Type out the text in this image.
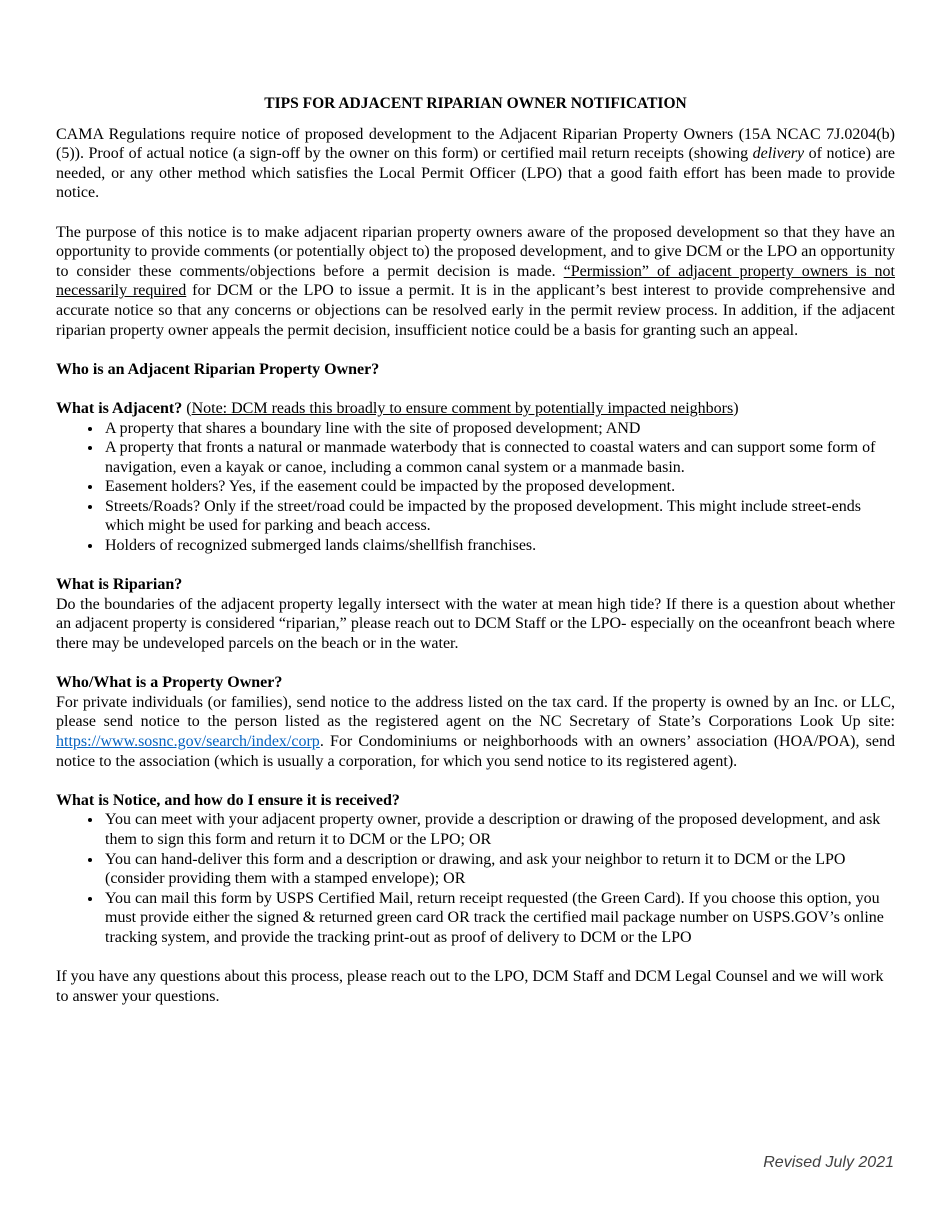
TIPS FOR ADJACENT RIPARIAN OWNER NOTIFICATION

CAMA Regulations require notice of proposed development to the Adjacent Riparian Property Owners (15A NCAC 7J.0204(b)(5)). Proof of actual notice (a sign-off by the owner on this form) or certified mail return receipts (showing delivery of notice) are needed, or any other method which satisfies the Local Permit Officer (LPO) that a good faith effort has been made to provide notice.

The purpose of this notice is to make adjacent riparian property owners aware of the proposed development so that they have an opportunity to provide comments (or potentially object to) the proposed development, and to give DCM or the LPO an opportunity to consider these comments/objections before a permit decision is made. “Permission” of adjacent property owners is not necessarily required for DCM or the LPO to issue a permit. It is in the applicant’s best interest to provide comprehensive and accurate notice so that any concerns or objections can be resolved early in the permit review process. In addition, if the adjacent riparian property owner appeals the permit decision, insufficient notice could be a basis for granting such an appeal.

Who is an Adjacent Riparian Property Owner?

What is Adjacent? (Note: DCM reads this broadly to ensure comment by potentially impacted neighbors)

• A property that shares a boundary line with the site of proposed development; AND
• A property that fronts a natural or manmade waterbody that is connected to coastal waters and can support some form of navigation, even a kayak or canoe, including a common canal system or a manmade basin.
• Easement holders? Yes, if the easement could be impacted by the proposed development.
• Streets/Roads? Only if the street/road could be impacted by the proposed development. This might include street-ends which might be used for parking and beach access.
• Holders of recognized submerged lands claims/shellfish franchises.

What is Riparian?

Do the boundaries of the adjacent property legally intersect with the water at mean high tide? If there is a question about whether an adjacent property is considered “riparian,” please reach out to DCM Staff or the LPO- especially on the oceanfront beach where there may be undeveloped parcels on the beach or in the water.

Who/What is a Property Owner?

For private individuals (or families), send notice to the address listed on the tax card. If the property is owned by an Inc. or LLC, please send notice to the person listed as the registered agent on the NC Secretary of State’s Corporations Look Up site: https://www.sosnc.gov/search/index/corp. For Condominiums or neighborhoods with an owners’ association (HOA/POA), send notice to the association (which is usually a corporation, for which you send notice to its registered agent).

What is Notice, and how do I ensure it is received?

• You can meet with your adjacent property owner, provide a description or drawing of the proposed development, and ask them to sign this form and return it to DCM or the LPO; OR
• You can hand-deliver this form and a description or drawing, and ask your neighbor to return it to DCM or the LPO (consider providing them with a stamped envelope); OR
• You can mail this form by USPS Certified Mail, return receipt requested (the Green Card). If you choose this option, you must provide either the signed & returned green card OR track the certified mail package number on USPS.GOV’s online tracking system, and provide the tracking print-out as proof of delivery to DCM or the LPO

If you have any questions about this process, please reach out to the LPO, DCM Staff and DCM Legal Counsel and we will work to answer your questions.

Revised July 2021
